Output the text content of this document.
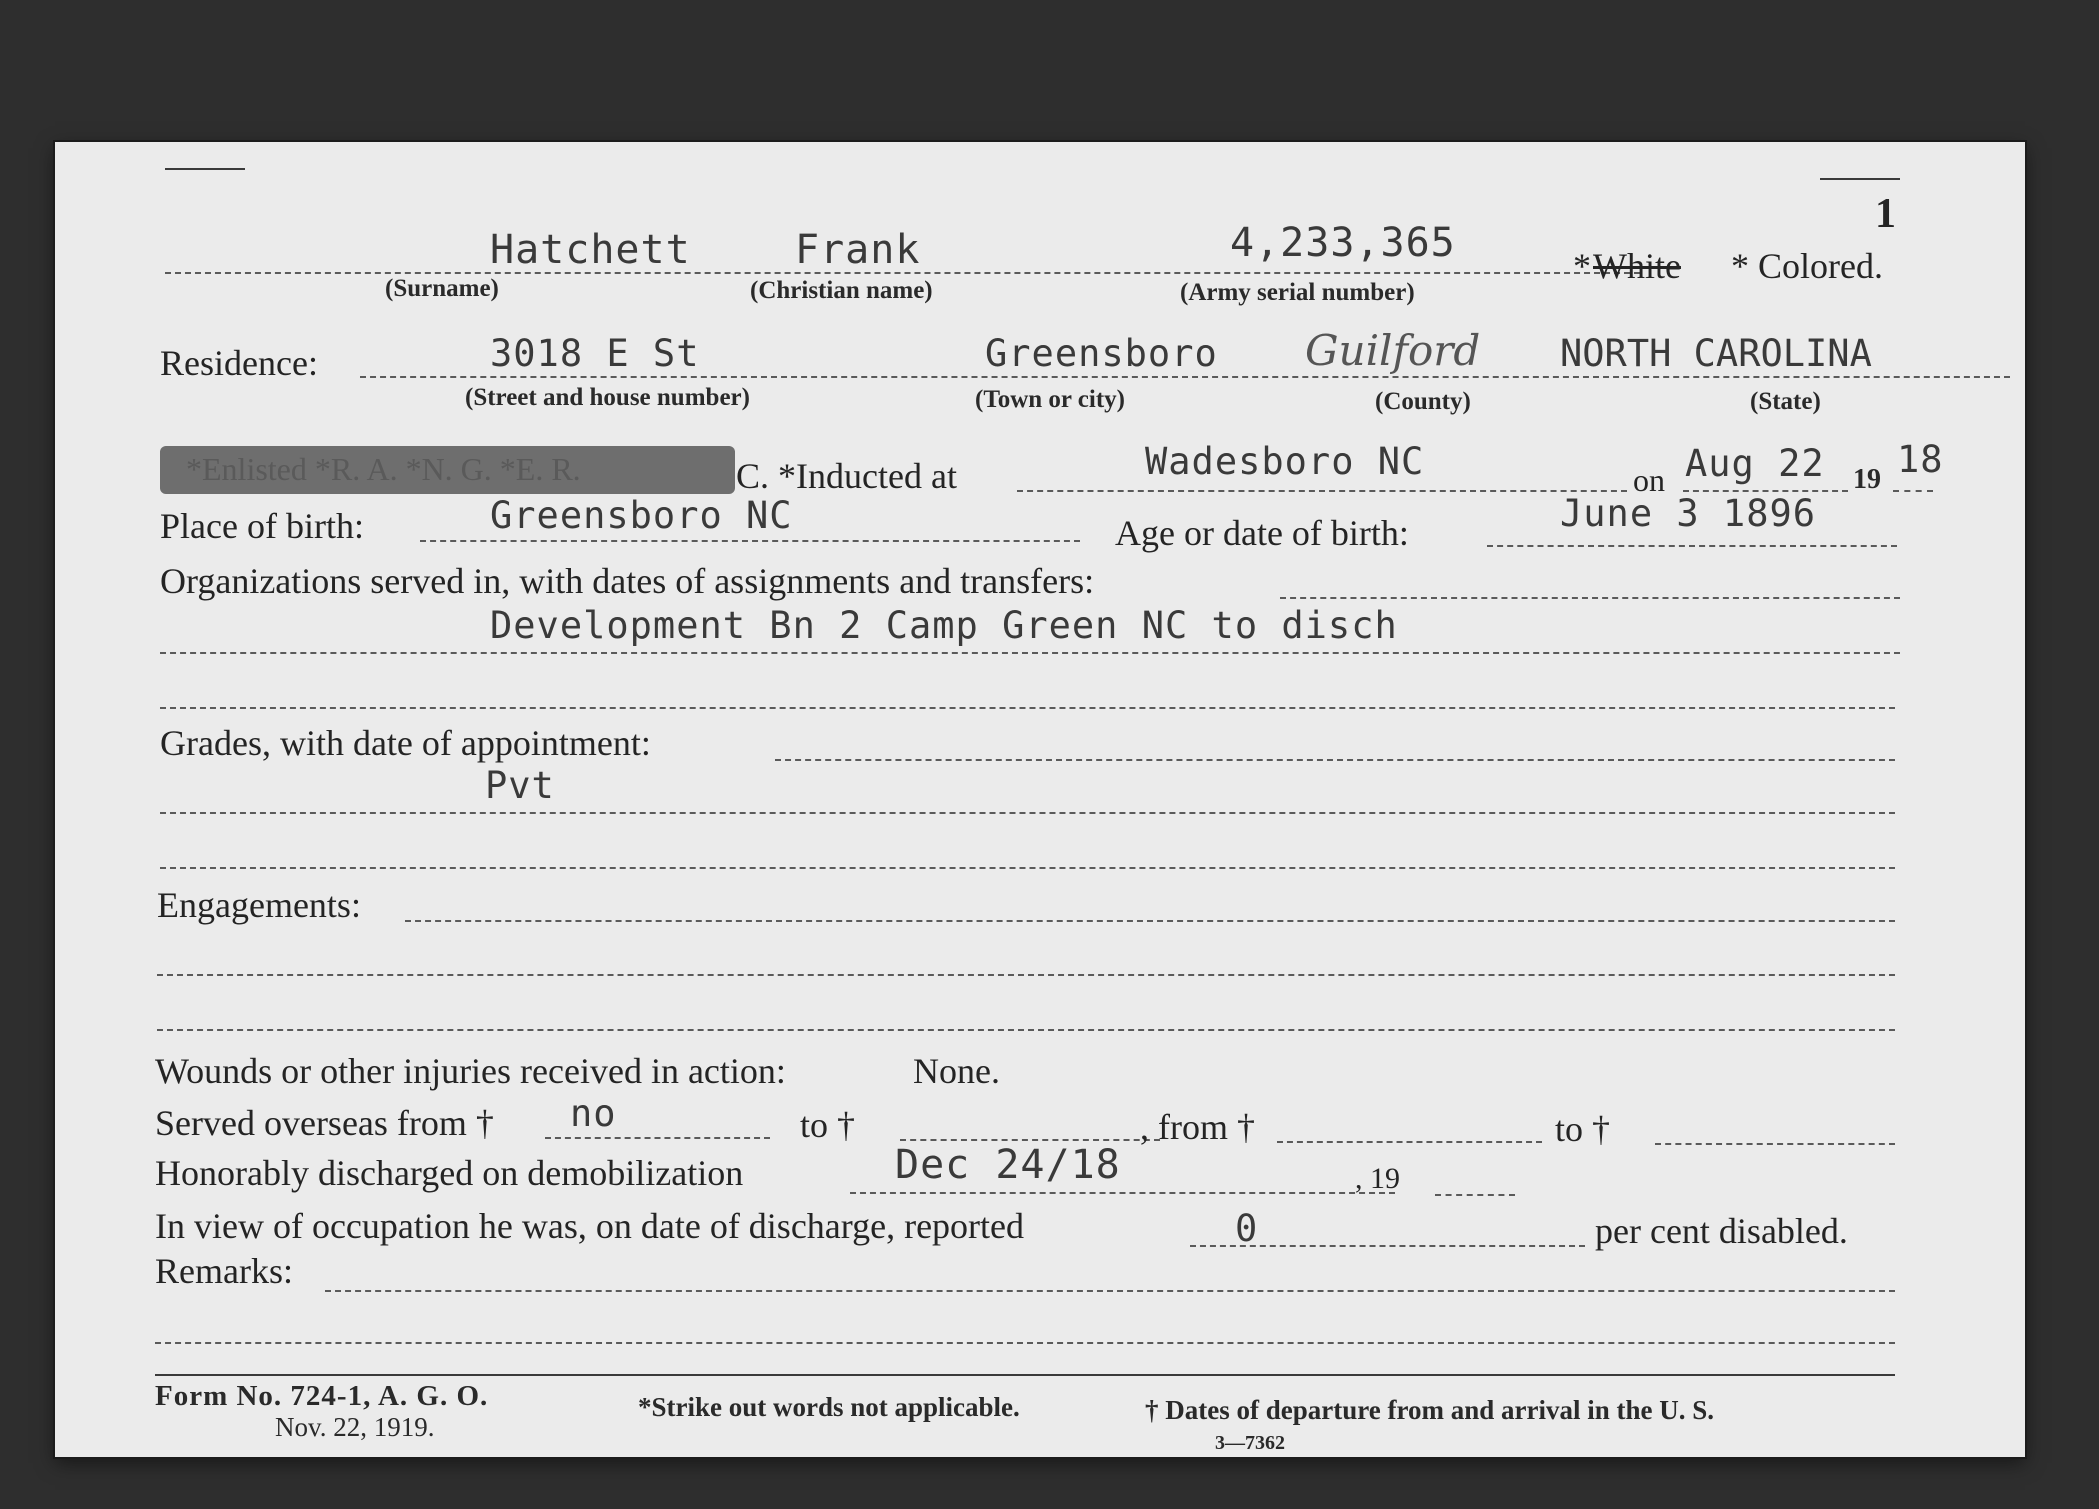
1
Hatchett	Frank	4,233,365	* White * Colored.
(Surname)	(Christian name)	(Army serial number)
Residence:	3018 E St	Greensboro Guilford NORTH CAROLINA
(Street and house number)	(Town or city)	(County)	(State)
*Enlisted *R. A. *N. G. *E. R.	C. *Inducted at	Wadesboro NC	on Aug 22 19 18
Place of birth:	Greensboro NC	Age or date of birth:	June 3 1896
Organizations served in, with dates of assignments and transfers:
Development Bn 2 Camp Green NC to disch
Grades, with date of appointment:
Pvt
Engagements:
Wounds or other injuries received in action:	None.
Served overseas from † no	to †	, from †	to †
Honorably discharged on demobilization	Dec 24/18	, 19
In view of occupation he was, on date of discharge, reported	0	per cent disabled.
Remarks:
Form No. 724-1, A. G. O.
Nov. 22, 1919.
*Strike out words not applicable.	† Dates of departure from and arrival in the U. S.
3—7362
